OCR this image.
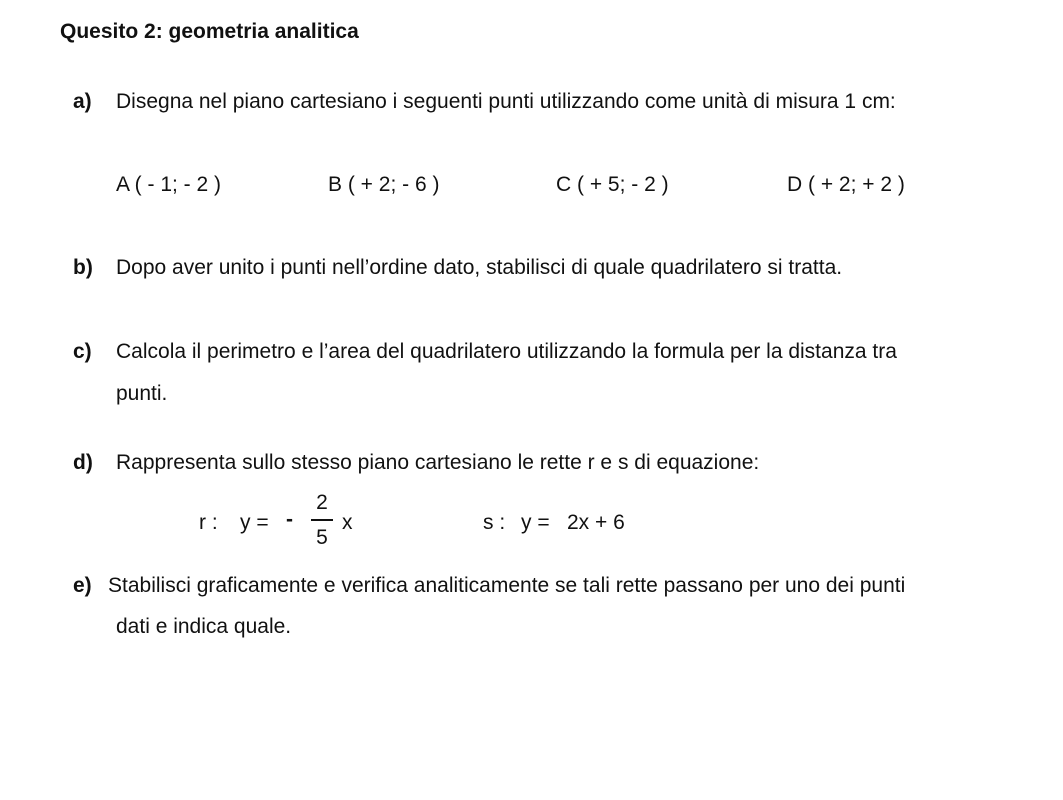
Quesito 2: geometria analitica
a) Disegna nel piano cartesiano i seguenti punti utilizzando come unità di misura 1 cm:
A ( - 1; - 2 )	B ( + 2; - 6 )	C ( + 5; - 2 )	D ( + 2; + 2 )
b) Dopo aver unito i punti nell’ordine dato, stabilisci di quale quadrilatero si tratta.
c) Calcola il perimetro e l’area del quadrilatero utilizzando la formula per la distanza tra
punti.
d) Rappresenta sullo stesso piano cartesiano le rette r e s di equazione:
r : y = -
2
5
x	s : y = 2x + 6
e) Stabilisci graficamente e verifica analiticamente se tali rette passano per uno dei punti
dati e indica quale.
